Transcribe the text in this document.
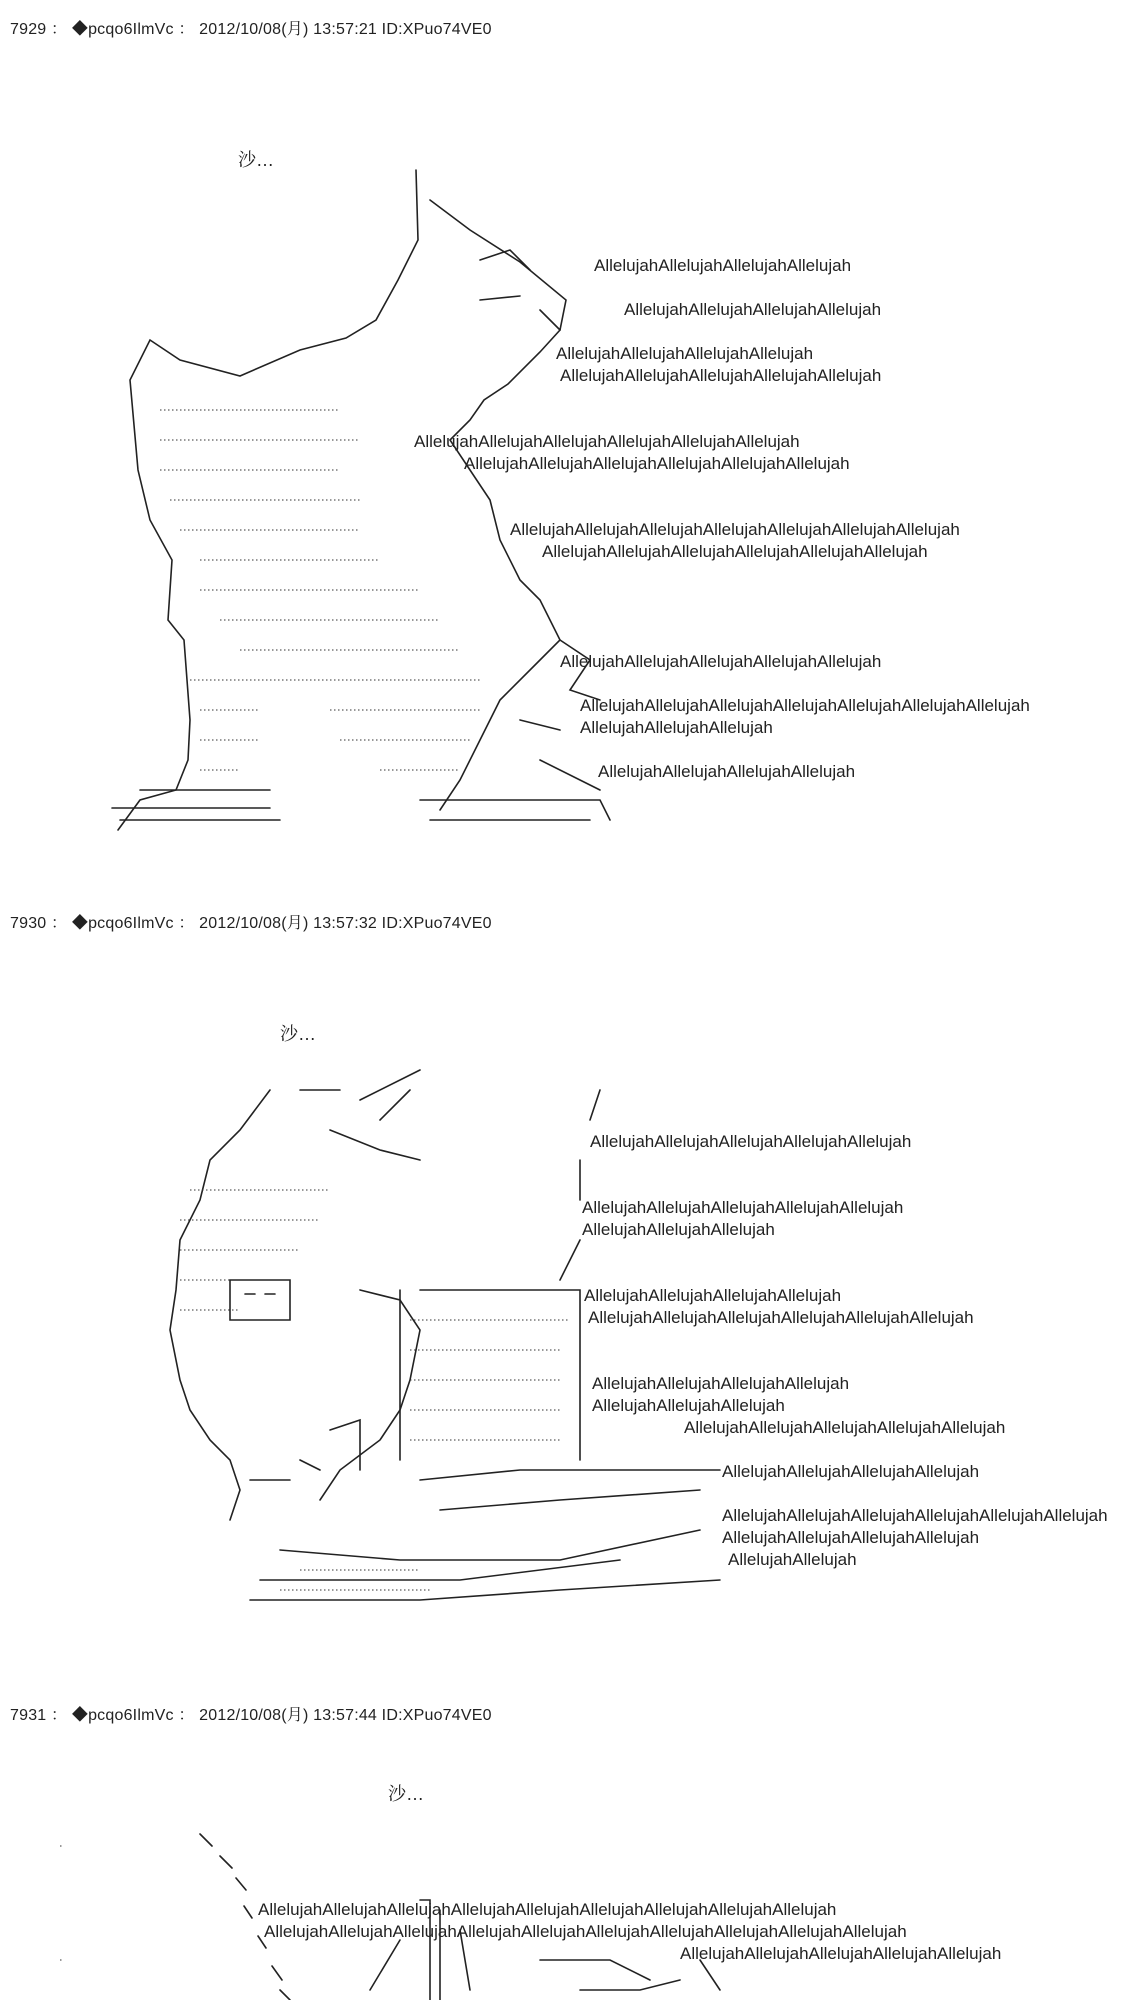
7929 ： ◆pcqo6IlmVc ： 2012/10/08(月) 13:57:21 ID:XPuo74VE0
沙…
AllelujahAllelujahAllelujahAllelujah
AllelujahAllelujahAllelujahAllelujah
AllelujahAllelujahAllelujahAllelujah
AllelujahAllelujahAllelujahAllelujahAllelujah
AllelujahAllelujahAllelujahAllelujahAllelujahAllelujah
AllelujahAllelujahAllelujahAllelujahAllelujahAllelujah
AllelujahAllelujahAllelujahAllelujahAllelujahAllelujahAllelujah
AllelujahAllelujahAllelujahAllelujahAllelujahAllelujah
AllelujahAllelujahAllelujahAllelujahAllelujah
AllelujahAllelujahAllelujahAllelujahAllelujahAllelujahAllelujah
AllelujahAllelujahAllelujah
AllelujahAllelujahAllelujahAllelujah
7930 ： ◆pcqo6IlmVc ： 2012/10/08(月) 13:57:32 ID:XPuo74VE0
沙…
AllelujahAllelujahAllelujahAllelujahAllelujah
AllelujahAllelujahAllelujahAllelujahAllelujah
AllelujahAllelujahAllelujah
AllelujahAllelujahAllelujahAllelujah
AllelujahAllelujahAllelujahAllelujahAllelujahAllelujah
AllelujahAllelujahAllelujahAllelujah
AllelujahAllelujahAllelujah
AllelujahAllelujahAllelujahAllelujahAllelujah
AllelujahAllelujahAllelujahAllelujah
AllelujahAllelujahAllelujahAllelujahAllelujahAllelujah
AllelujahAllelujahAllelujahAllelujah
AllelujahAllelujah
7931 ： ◆pcqo6IlmVc ： 2012/10/08(月) 13:57:44 ID:XPuo74VE0
沙…
AllelujahAllelujahAllelujahAllelujahAllelujahAllelujahAllelujahAllelujahAllelujah
AllelujahAllelujahAllelujahAllelujahAllelujahAllelujahAllelujahAllelujahAllelujahAllelujah
AllelujahAllelujahAllelujahAllelujahAllelujah
